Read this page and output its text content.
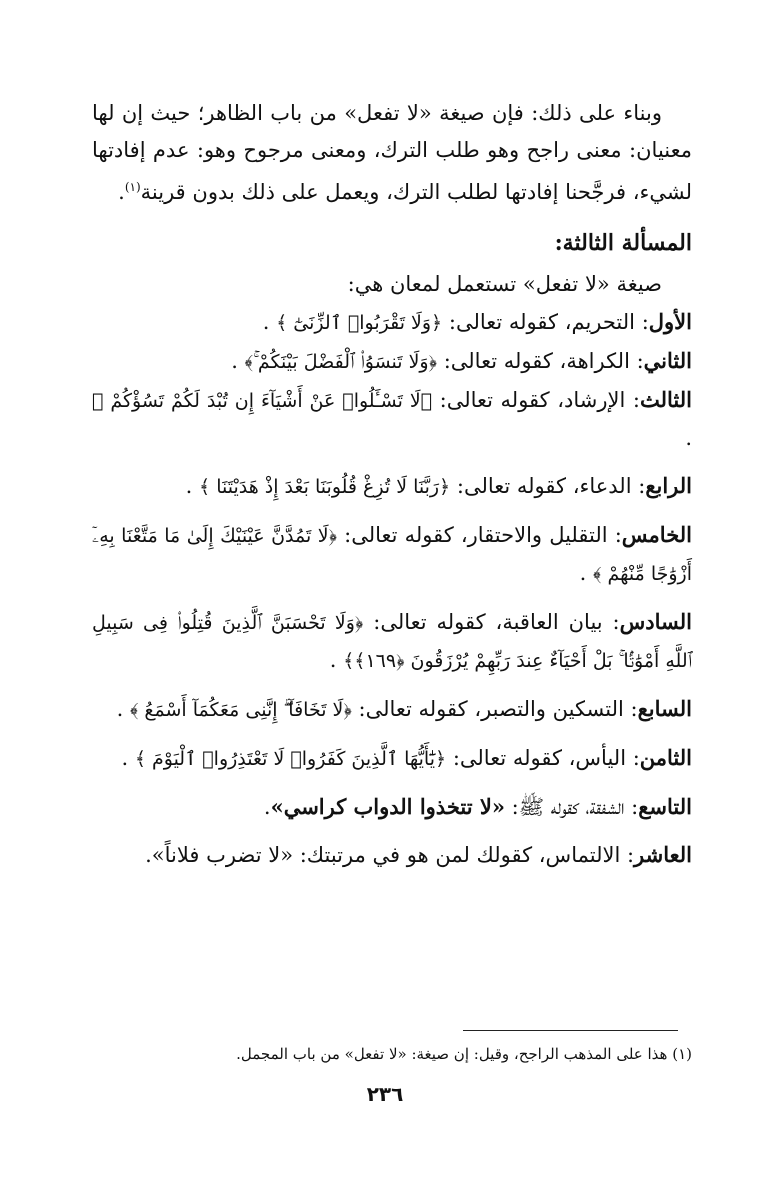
وبناء على ذلك: فإن صيغة «لا تفعل» من باب الظاهر؛ حيث إن لها معنيان: معنى راجح وهو طلب الترك، ومعنى مرجوح وهو: عدم إفادتها لشيء، فرجَّحنا إفادتها لطلب الترك، ويعمل على ذلك بدون قرينة$^{(١)}$.

المسألة الثالثة:

صيغة «لا تفعل» تستعمل لمعان هي:

الأول: التحريم، كقوله تعالى: ﴿وَلَا تَقْرَبُوا۟ ٱلزِّنَىٰٓ ﴾ .

الثاني: الكراهة، كقوله تعالى: ﴿وَلَا تَنسَوُا۟ ٱلْفَضْلَ بَيْنَكُمْ ۚ﴾ .

الثالث: الإرشاد، كقوله تعالى: ﴿لَا تَسْـَٔلُوا۟ عَنْ أَشْيَآءَ إِن تُبْدَ لَكُمْ تَسُؤْكُمْ ﴾ .

الرابع: الدعاء، كقوله تعالى: ﴿رَبَّنَا لَا تُزِغْ قُلُوبَنَا بَعْدَ إِذْ هَدَيْتَنَا ﴾ .

الخامس: التقليل والاحتقار، كقوله تعالى: ﴿لَا تَمُدَّنَّ عَيْنَيْكَ إِلَىٰ مَا مَتَّعْنَا بِهِۦٓ أَزْوَٰجًا مِّنْهُمْ ﴾ .

السادس: بيان العاقبة، كقوله تعالى: ﴿وَلَا تَحْسَبَنَّ ٱلَّذِينَ قُتِلُوا۟ فِى سَبِيلِ ٱللَّهِ أَمْوَٰتًۢا ۚ بَلْ أَحْيَآءٌ عِندَ رَبِّهِمْ يُرْزَقُونَ ﴿١٦٩﴾﴾ .

السابع: التسكين والتصبر، كقوله تعالى: ﴿لَا تَخَافَآ ۖ إِنَّنِى مَعَكُمَآ أَسْمَعُ ﴾ .

الثامن: اليأس، كقوله تعالى: ﴿يَٰٓأَيُّهَا ٱلَّذِينَ كَفَرُوا۟ لَا تَعْتَذِرُوا۟ ٱلْيَوْمَ ﴾ .

التاسع: الشفقة، كقوله ﷺ: «لا تتخذوا الدواب كراسي».

العاشر: الالتماس، كقولك لمن هو في مرتبتك: «لا تضرب فلاناً».

(١) هذا على المذهب الراجح، وقيل: إن صيغة: «لا تفعل» من باب المجمل.
٢٣٦
